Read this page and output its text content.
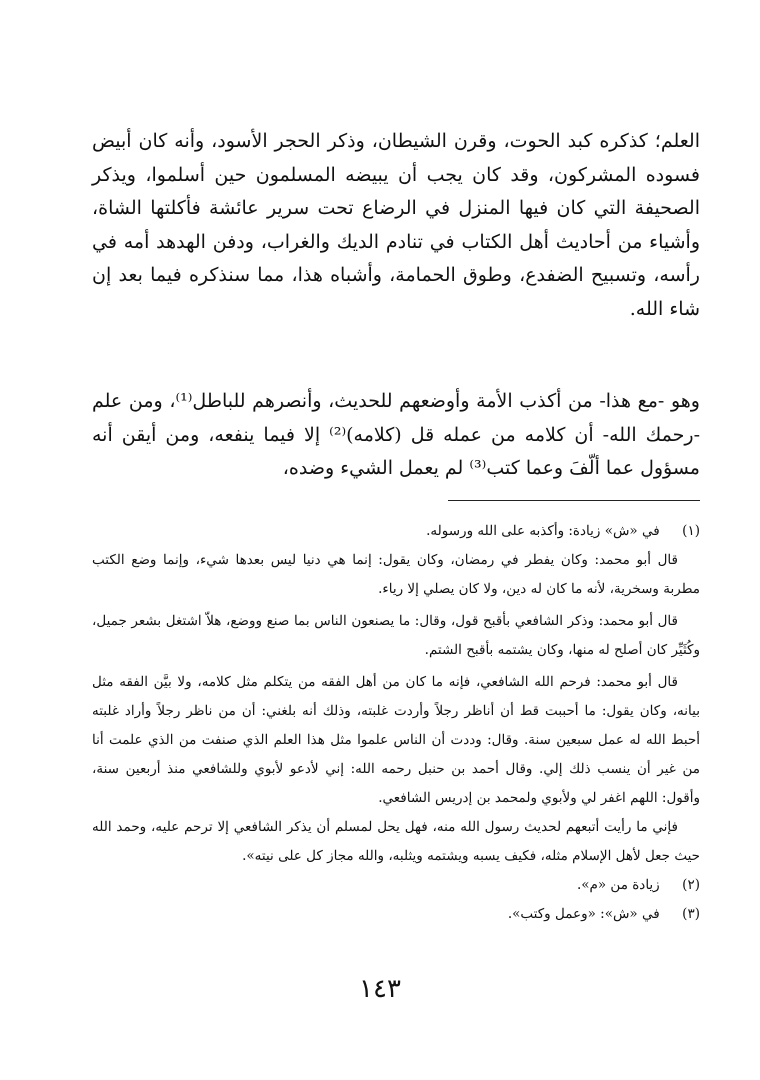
العلم؛ كذكره كبد الحوت، وقرن الشيطان، وذكر الحجر الأسود، وأنه كان أبيض فسوده المشركون، وقد كان يجب أن يبيضه المسلمون حين أسلموا، ويذكر الصحيفة التي كان فيها المنزل في الرضاع تحت سرير عائشة فأكلتها الشاة، وأشياء من أحاديث أهل الكتاب في تنادم الديك والغراب، ودفن الهدهد أمه في رأسه، وتسبيح الضفدع، وطوق الحمامة، وأشباه هذا، مما سنذكره فيما بعد إن شاء الله.

وهو -مع هذا- من أكذب الأمة وأوضعهم للحديث، وأنصرهم للباطل⁽¹⁾، ومن علم -رحمك الله- أن كلامه من عمله قل (كلامه)⁽²⁾ إلا فيما ينفعه، ومن أيقن أنه مسؤول عما ألّفَ وعما كتب⁽³⁾ لم يعمل الشيء وضده،

(١) في «ش» زيادة: وأكذبه على الله ورسوله.

قال أبو محمد: وكان يفطر في رمضان، وكان يقول: إنما هي دنيا ليس بعدها شيء، وإنما وضع الكتب مطربة وسخرية، لأنه ما كان له دين، ولا كان يصلي إلا رياء.

قال أبو محمد: وذكر الشافعي بأقبح قول، وقال: ما يصنعون الناس بما صنع ووضع، هلاّ اشتغل بشعر جميل، وكُثَيِّر كان أصلح له منها، وكان يشتمه بأقبح الشتم.

قال أبو محمد: فرحم الله الشافعي، فإنه ما كان من أهل الفقه من يتكلم مثل كلامه، ولا بيَّن الفقه مثل بيانه، وكان يقول: ما أحببت قط أن أناظر رجلاً وأردت غلبته، وذلك أنه بلغني: أن من ناظر رجلاً وأراد غلبته أحبط الله له عمل سبعين سنة. وقال: وددت أن الناس علموا مثل هذا العلم الذي صنفت من الذي علمت أنا من غير أن ينسب ذلك إلي. وقال أحمد بن حنبل رحمه الله: إني لأدعو لأبوي وللشافعي منذ أربعين سنة، وأقول: اللهم اغفر لي ولأبوي ولمحمد بن إدريس الشافعي.

فإني ما رأيت أتبعهم لحديث رسول الله منه، فهل يحل لمسلم أن يذكر الشافعي إلا ترحم عليه، وحمد الله حيث جعل لأهل الإسلام مثله، فكيف يسبه ويشتمه ويثلبه، والله مجاز كل على نيته».

(٢) زيادة من «م».

(٣) في «ش»: «وعمل وكتب».

١٤٣
